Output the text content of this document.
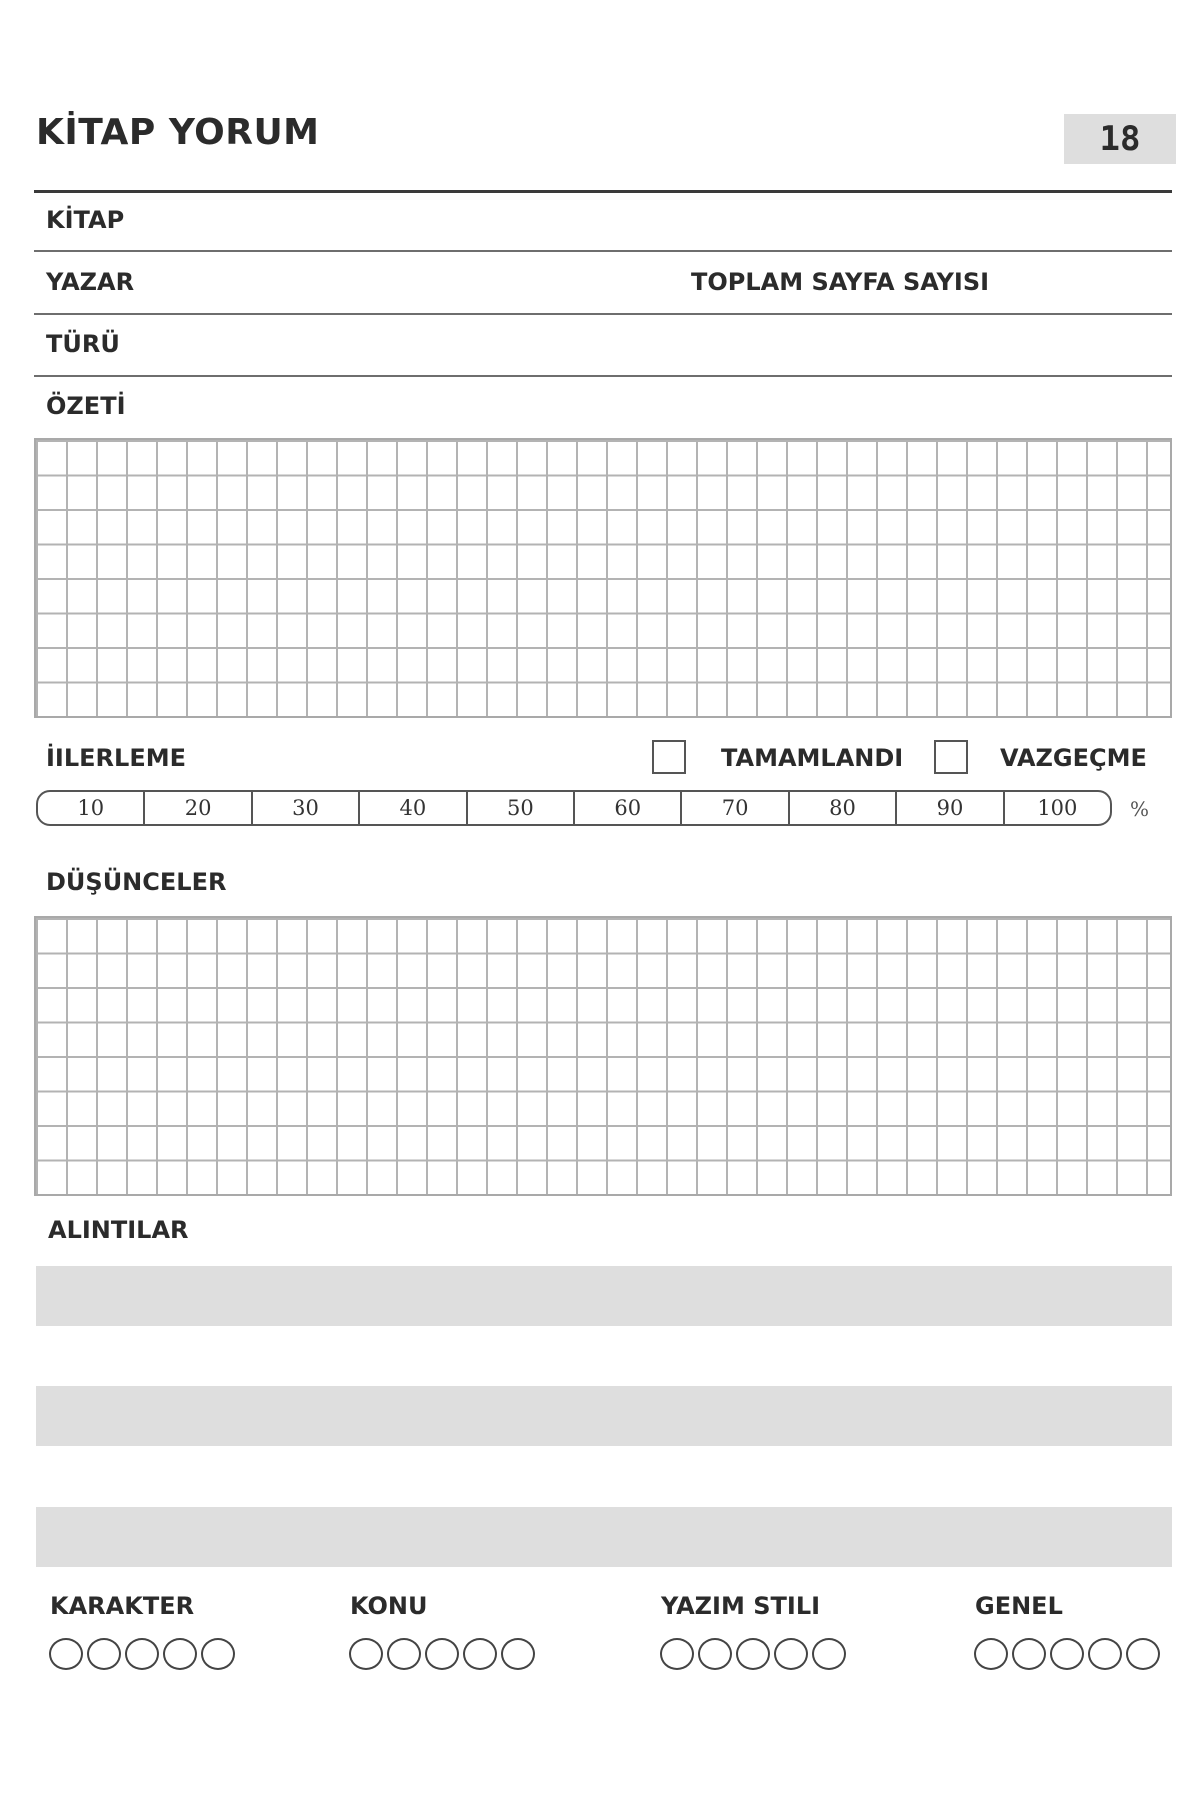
KİTAP YORUM	18
KİTAP
YAZAR	TOPLAM SAYFA SAYISI
TÜRÜ
ÖZETİ
İILERLEME	TAMAMLANDI	VAZGEÇME
10	20	30	40	50	60	70	80	90	100	%
DÜŞÜNCELER
ALINTILAR
KARAKTER	KONU	YAZIM STILI	GENEL
